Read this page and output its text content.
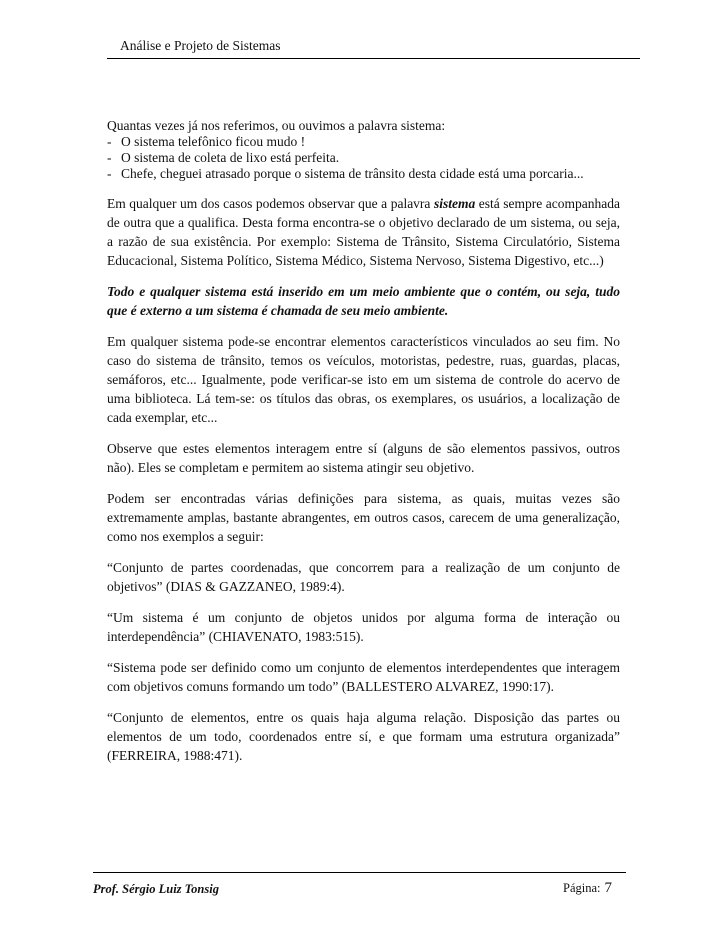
Análise e Projeto de Sistemas
Quantas vezes já nos referimos, ou ouvimos a palavra sistema:
- O sistema telefônico ficou mudo !
- O sistema de coleta de lixo está perfeita.
- Chefe, cheguei atrasado porque o sistema de trânsito desta cidade está uma porcaria...

Em qualquer um dos casos podemos observar que a palavra sistema está sempre acompanhada de outra que a qualifica. Desta forma encontra-se o objetivo declarado de um sistema, ou seja, a razão de sua existência. Por exemplo: Sistema de Trânsito, Sistema Circulatório, Sistema Educacional, Sistema Político, Sistema Médico, Sistema Nervoso, Sistema Digestivo, etc...)

Todo e qualquer sistema está inserido em um meio ambiente que o contém, ou seja, tudo que é externo a um sistema é chamada de seu meio ambiente.

Em qualquer sistema pode-se encontrar elementos característicos vinculados ao seu fim. No caso do sistema de trânsito, temos os veículos, motoristas, pedestre, ruas, guardas, placas, semáforos, etc... Igualmente, pode verificar-se isto em um sistema de controle do acervo de uma biblioteca. Lá tem-se: os títulos das obras, os exemplares, os usuários, a localização de cada exemplar, etc...

Observe que estes elementos interagem entre sí (alguns de são elementos passivos, outros não). Eles se completam e permitem ao sistema atingir seu objetivo.

Podem ser encontradas várias definições para sistema, as quais, muitas vezes são extremamente amplas, bastante abrangentes, em outros casos, carecem de uma generalização, como nos exemplos a seguir:

“Conjunto de partes coordenadas, que concorrem para a realização de um conjunto de objetivos” (DIAS & GAZZANEO, 1989:4).

“Um sistema é um conjunto de objetos unidos por alguma forma de interação ou interdependência” (CHIAVENATO, 1983:515).

“Sistema pode ser definido como um conjunto de elementos interdependentes que interagem com objetivos comuns formando um todo” (BALLESTERO ALVAREZ, 1990:17).

“Conjunto de elementos, entre os quais haja alguma relação. Disposição das partes ou elementos de um todo, coordenados entre sí, e que formam uma estrutura organizada” (FERREIRA, 1988:471).

Prof. Sérgio Luiz Tonsig	Página: 7
